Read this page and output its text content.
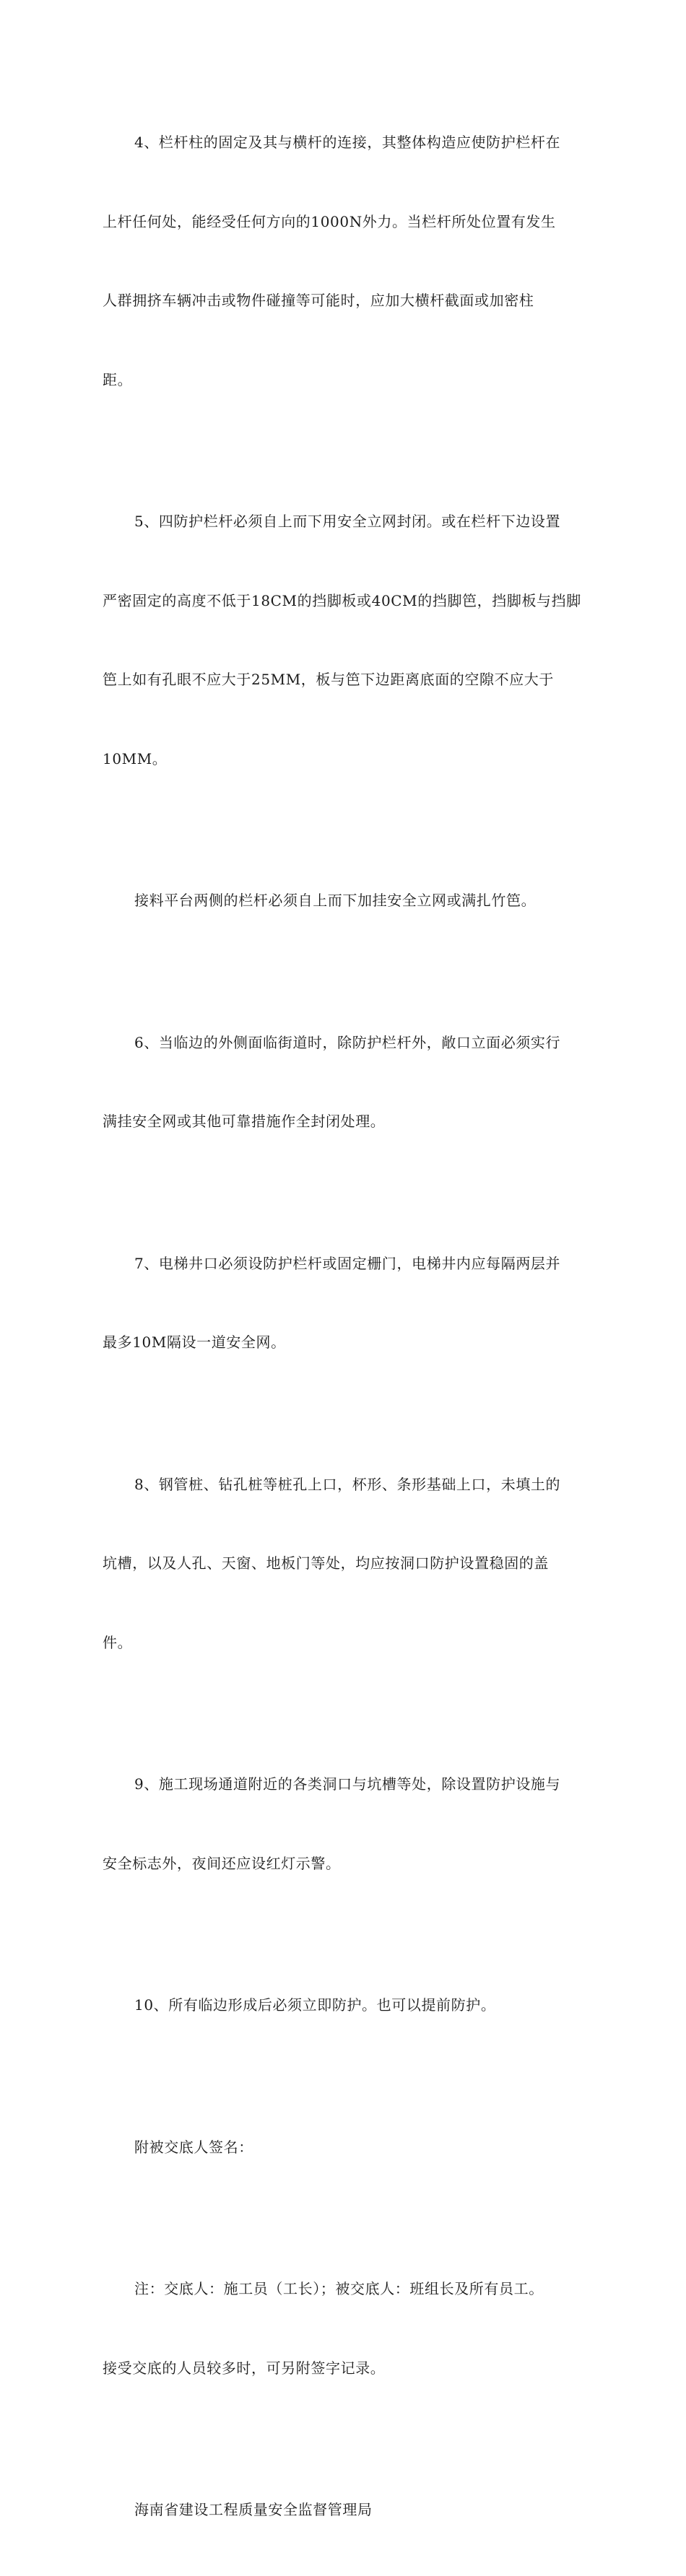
4、栏杆柱的固定及其与横杆的连接，其整体构造应使防护栏杆在

上杆任何处，能经受任何方向的1000N外力。当栏杆所处位置有发生

人群拥挤车辆冲击或物件碰撞等可能时，应加大横杆截面或加密柱

距。

5、四防护栏杆必须自上而下用安全立网封闭。或在栏杆下边设置

严密固定的高度不低于18CM的挡脚板或40CM的挡脚笆，挡脚板与挡脚

笆上如有孔眼不应大于25MM，板与笆下边距离底面的空隙不应大于

10MM。

接料平台两侧的栏杆必须自上而下加挂安全立网或满扎竹笆。

6、当临边的外侧面临街道时，除防护栏杆外，敞口立面必须实行

满挂安全网或其他可靠措施作全封闭处理。

7、电梯井口必须设防护栏杆或固定栅门，电梯井内应每隔两层并

最多10M隔设一道安全网。

8、钢管桩、钻孔桩等桩孔上口，杯形、条形基础上口，未填土的

坑槽，以及人孔、天窗、地板门等处，均应按洞口防护设置稳固的盖

件。

9、施工现场通道附近的各类洞口与坑槽等处，除设置防护设施与

安全标志外，夜间还应设红灯示警。

10、所有临边形成后必须立即防护。也可以提前防护。

附被交底人签名：

注：交底人：施工员（工长）；被交底人：班组长及所有员工。

接受交底的人员较多时，可另附签字记录。

海南省建设工程质量安全监督管理局
